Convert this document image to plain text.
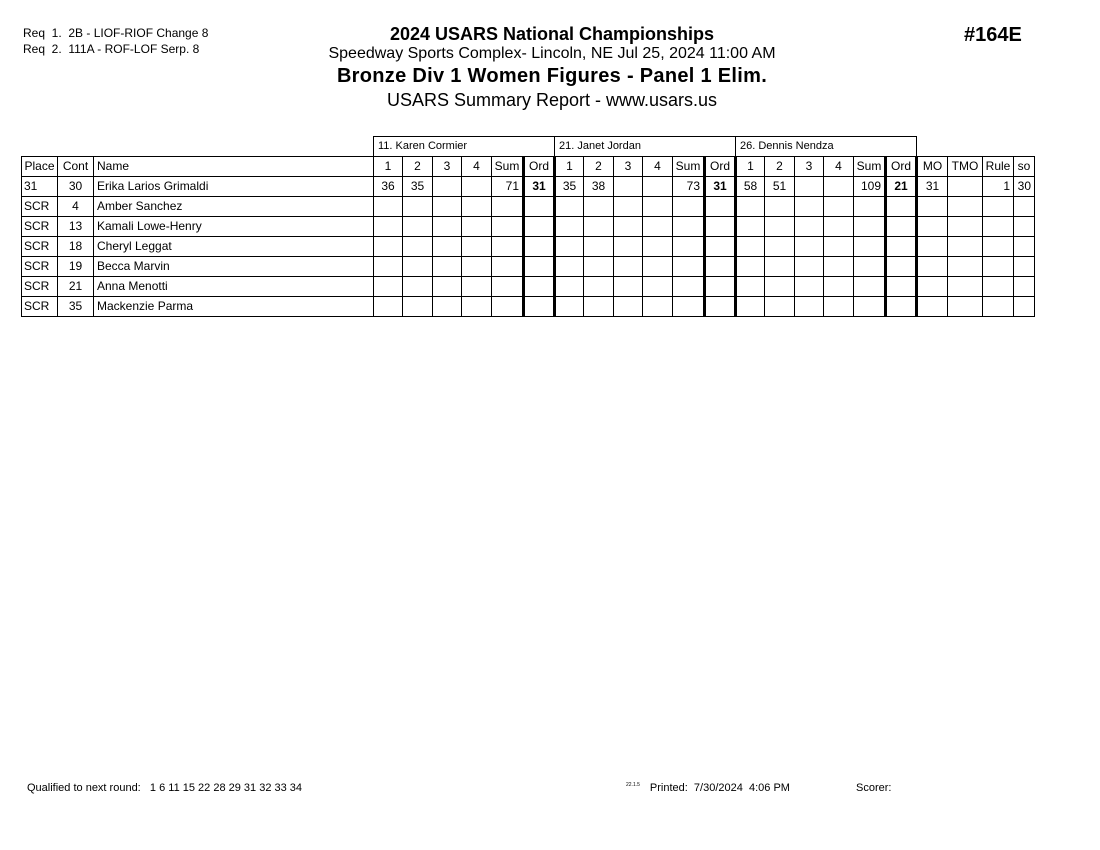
Req  1.  2B - LIOF-RIOF Change 8
Req  2.  111A - ROF-LOF Serp. 8
2024 USARS National Championships
Speedway Sports Complex- Lincoln, NE Jul 25, 2024 11:00 AM
Bronze Div 1 Women Figures - Panel 1 Elim.
USARS Summary Report - www.usars.us
#164E
			11. Karen Cormier						21. Janet Jordan						26. Dennis Nendza									
Place	Cont	Name	1	2	3	4	Sum	Ord	1	2	3	4	Sum	Ord	1	2	3	4	Sum	Ord	MO	TMO	Rule	so
31	30	Erika Larios Grimaldi	36	35			71	31	35	38			73	31	58	51			109	21	31		1	30
SCR	4	Amber Sanchez																						
SCR	13	Kamali Lowe-Henry																						
SCR	18	Cheryl Leggat																						
SCR	19	Becca Marvin																						
SCR	21	Anna Menotti																						
SCR	35	Mackenzie Parma																						
Qualified to next round: 1 6 11 15 22 28 29 31 32 33 34	$^{22.1.5}$ Printed:  7/30/2024  4:06 PM	Scorer:
